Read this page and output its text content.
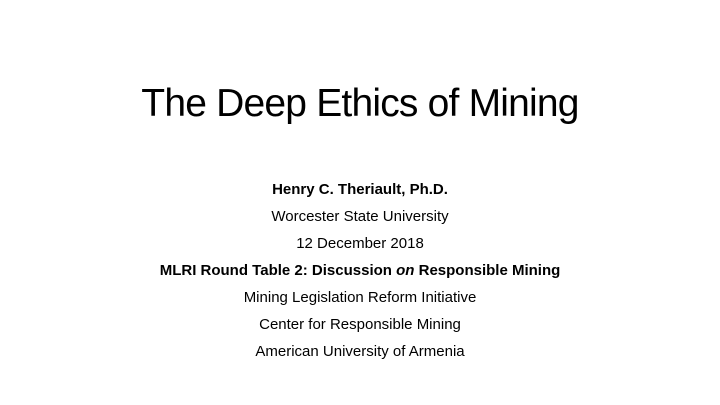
The Deep Ethics of Mining
Henry C. Theriault, Ph.D.
Worcester State University
12 December 2018
MLRI Round Table 2: Discussion on Responsible Mining
Mining Legislation Reform Initiative
Center for Responsible Mining
American University of Armenia
